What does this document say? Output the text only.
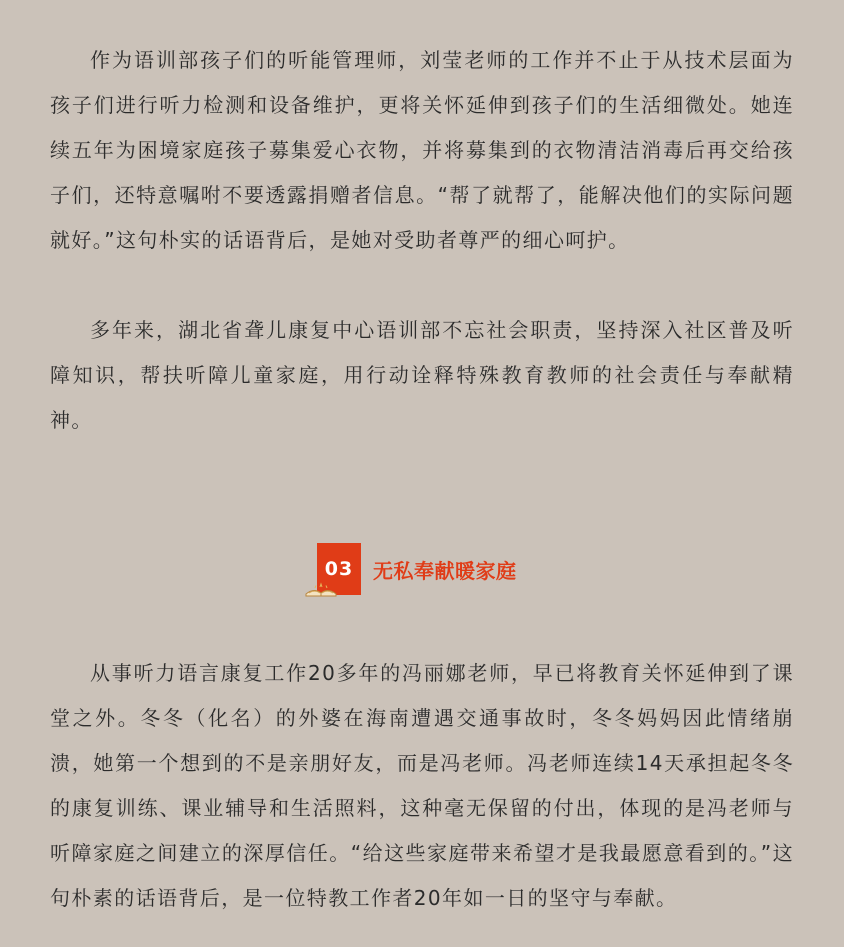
作为语训部孩子们的听能管理师，刘莹老师的工作并不止于从技术层面为孩子们进行听力检测和设备维护，更将关怀延伸到孩子们的生活细微处。她连续五年为困境家庭孩子募集爱心衣物，并将募集到的衣物清洁消毒后再交给孩子们，还特意嘱咐不要透露捐赠者信息。“帮了就帮了，能解决他们的实际问题就好。”这句朴实的话语背后，是她对受助者尊严的细心呵护。

多年来，湖北省聋儿康复中心语训部不忘社会职责，坚持深入社区普及听障知识，帮扶听障儿童家庭，用行动诠释特殊教育教师的社会责任与奉献精神。

03 无私奉献暖家庭

从事听力语言康复工作20多年的冯丽娜老师，早已将教育关怀延伸到了课堂之外。冬冬（化名）的外婆在海南遭遇交通事故时，冬冬妈妈因此情绪崩溃，她第一个想到的不是亲朋好友，而是冯老师。冯老师连续14天承担起冬冬的康复训练、课业辅导和生活照料，这种毫无保留的付出，体现的是冯老师与听障家庭之间建立的深厚信任。“给这些家庭带来希望才是我最愿意看到的。”这句朴素的话语背后，是一位特教工作者20年如一日的坚守与奉献。
